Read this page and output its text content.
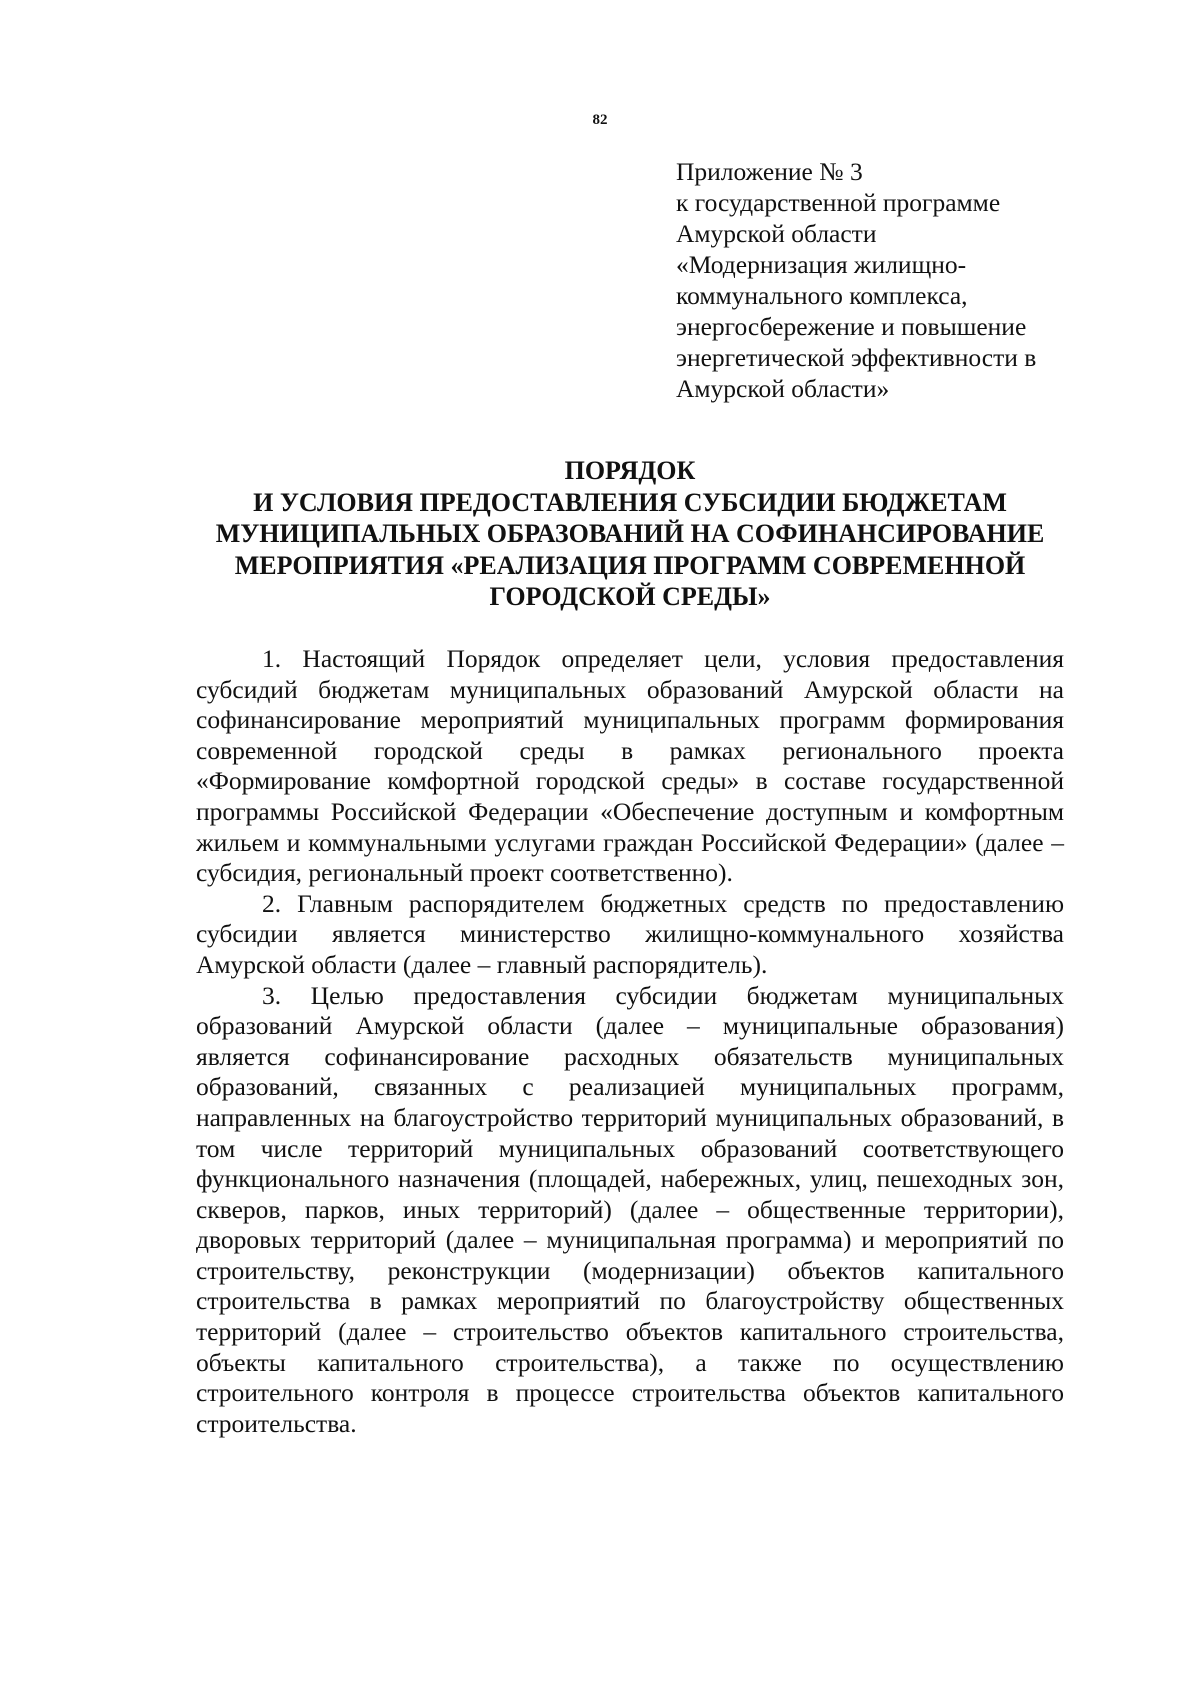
82
Приложение № 3
к государственной программе
Амурской области
«Модернизация жилищно-
коммунального комплекса,
энергосбережение и повышение
энергетической эффективности в
Амурской области»
ПОРЯДОК
И УСЛОВИЯ ПРЕДОСТАВЛЕНИЯ СУБСИДИИ БЮДЖЕТАМ
МУНИЦИПАЛЬНЫХ ОБРАЗОВАНИЙ НА СОФИНАНСИРОВАНИЕ
МЕРОПРИЯТИЯ «РЕАЛИЗАЦИЯ ПРОГРАММ СОВРЕМЕННОЙ
ГОРОДСКОЙ СРЕДЫ»

1. Настоящий Порядок определяет цели, условия предоставления субсидий бюджетам муниципальных образований Амурской области на софинансирование мероприятий муниципальных программ формирования современной городской среды в рамках регионального проекта «Формирование комфортной городской среды» в составе государственной программы Российской Федерации «Обеспечение доступным и комфортным жильем и коммунальными услугами граждан Российской Федерации» (далее – субсидия, региональный проект соответственно).

2. Главным распорядителем бюджетных средств по предоставлению субсидии является министерство жилищно-коммунального хозяйства Амурской области (далее – главный распорядитель).

3. Целью предоставления субсидии бюджетам муниципальных образований Амурской области (далее – муниципальные образования) является софинансирование расходных обязательств муниципальных образований, связанных с реализацией муниципальных программ, направленных на благоустройство территорий муниципальных образований, в том числе территорий муниципальных образований соответствующего функционального назначения (площадей, набережных, улиц, пешеходных зон, скверов, парков, иных территорий) (далее – общественные территории), дворовых территорий (далее – муниципальная программа) и мероприятий по строительству, реконструкции (модернизации) объектов капитального строительства в рамках мероприятий по благоустройству общественных территорий (далее – строительство объектов капитального строительства, объекты капитального строительства), а также по осуществлению строительного контроля в процессе строительства объектов капитального строительства.
